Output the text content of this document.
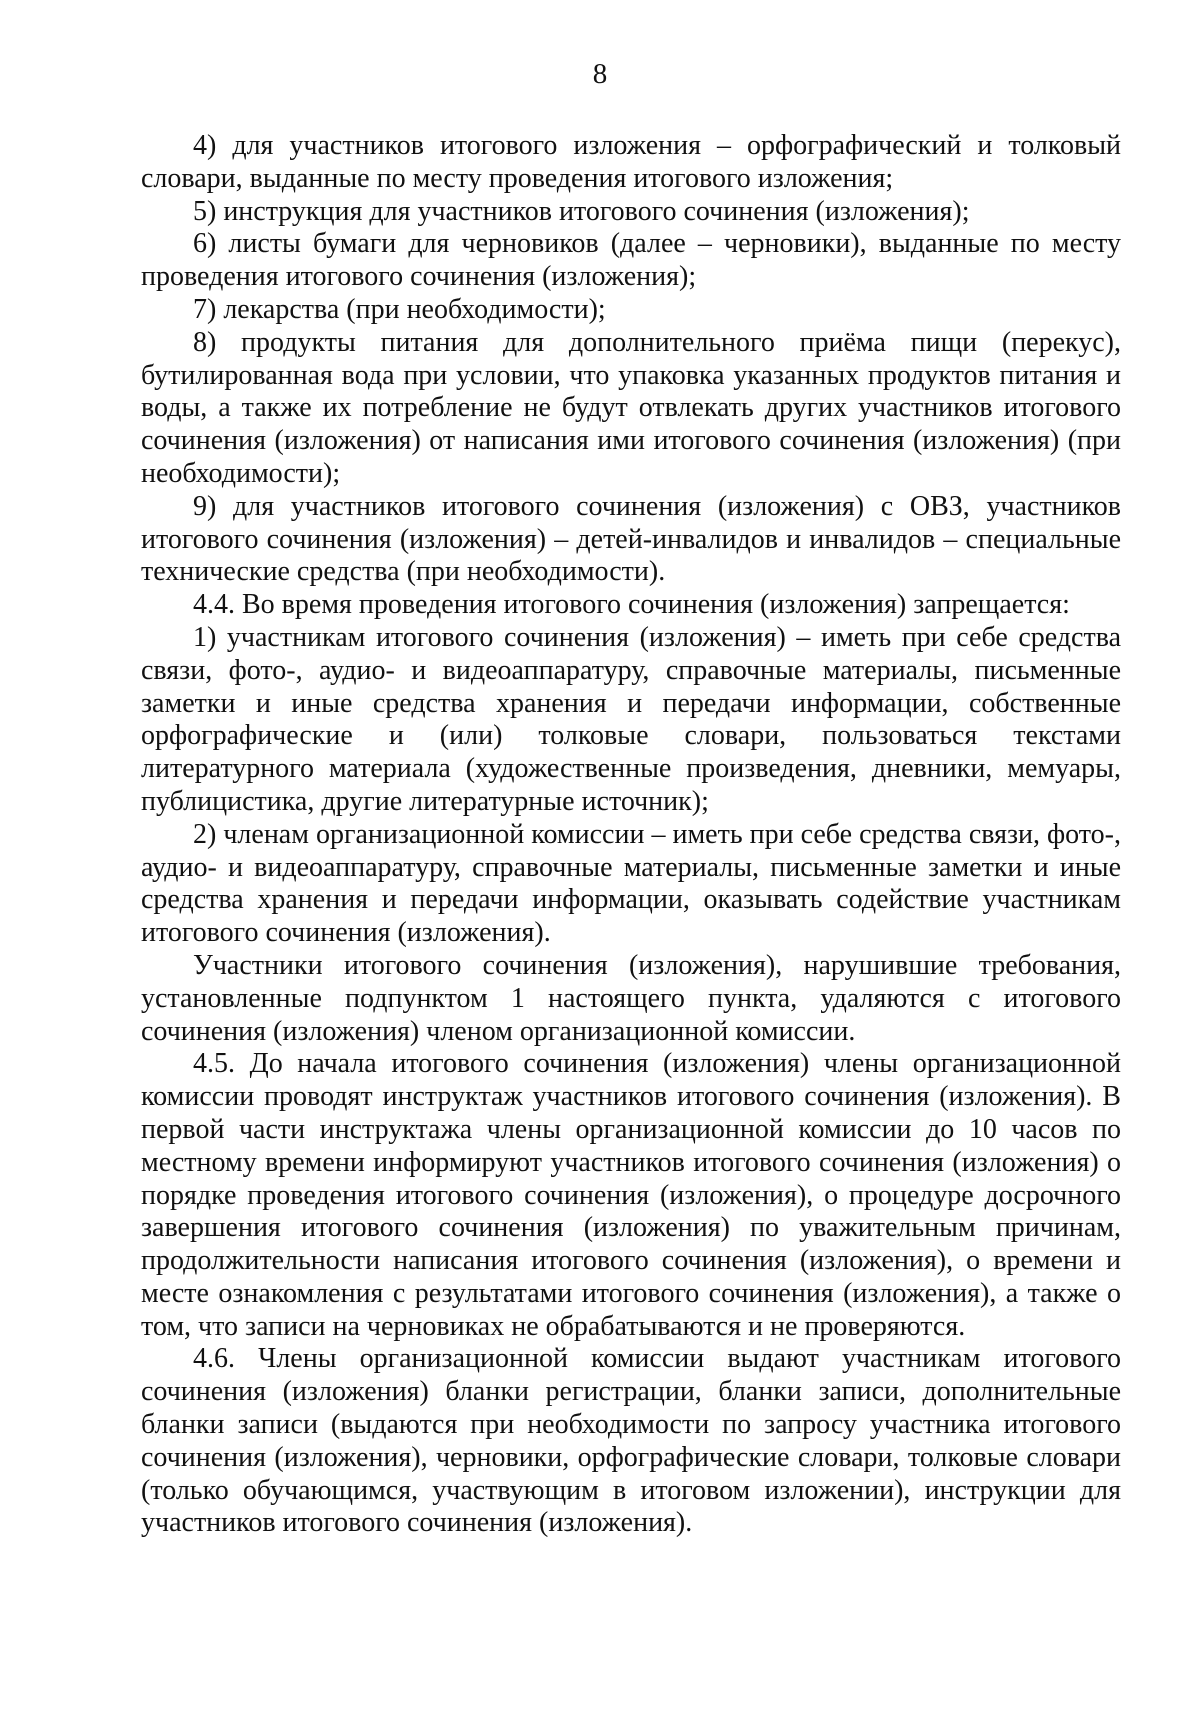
8

4) для участников итогового изложения – орфографический и толковый словари, выданные по месту проведения итогового изложения;

5) инструкция для участников итогового сочинения (изложения);

6) листы бумаги для черновиков (далее – черновики), выданные по месту проведения итогового сочинения (изложения);

7) лекарства (при необходимости);

8) продукты питания для дополнительного приёма пищи (перекус), бутилированная вода при условии, что упаковка указанных продуктов питания и воды, а также их потребление не будут отвлекать других участников итогового сочинения (изложения) от написания ими итогового сочинения (изложения) (при необходимости);

9) для участников итогового сочинения (изложения) с ОВЗ, участников итогового сочинения (изложения) – детей-инвалидов и инвалидов – специальные технические средства (при необходимости).

4.4. Во время проведения итогового сочинения (изложения) запрещается:

1) участникам итогового сочинения (изложения) – иметь при себе средства связи, фото-, аудио- и видеоаппаратуру, справочные материалы, письменные заметки и иные средства хранения и передачи информации, собственные орфографические и (или) толковые словари, пользоваться текстами литературного материала (художественные произведения, дневники, мемуары, публицистика, другие литературные источник);

2) членам организационной комиссии – иметь при себе средства связи, фото-, аудио- и видеоаппаратуру, справочные материалы, письменные заметки и иные средства хранения и передачи информации, оказывать содействие участникам итогового сочинения (изложения).

Участники итогового сочинения (изложения), нарушившие требования, установленные подпунктом 1 настоящего пункта, удаляются с итогового сочинения (изложения) членом организационной комиссии.

4.5. До начала итогового сочинения (изложения) члены организационной комиссии проводят инструктаж участников итогового сочинения (изложения). В первой части инструктажа члены организационной комиссии до 10 часов по местному времени информируют участников итогового сочинения (изложения) о порядке проведения итогового сочинения (изложения), о процедуре досрочного завершения итогового сочинения (изложения) по уважительным причинам, продолжительности написания итогового сочинения (изложения), о времени и месте ознакомления с результатами итогового сочинения (изложения), а также о том, что записи на черновиках не обрабатываются и не проверяются.

4.6. Члены организационной комиссии выдают участникам итогового сочинения (изложения) бланки регистрации, бланки записи, дополнительные бланки записи (выдаются при необходимости по запросу участника итогового сочинения (изложения), черновики, орфографические словари, толковые словари (только обучающимся, участвующим в итоговом изложении), инструкции для участников итогового сочинения (изложения).
